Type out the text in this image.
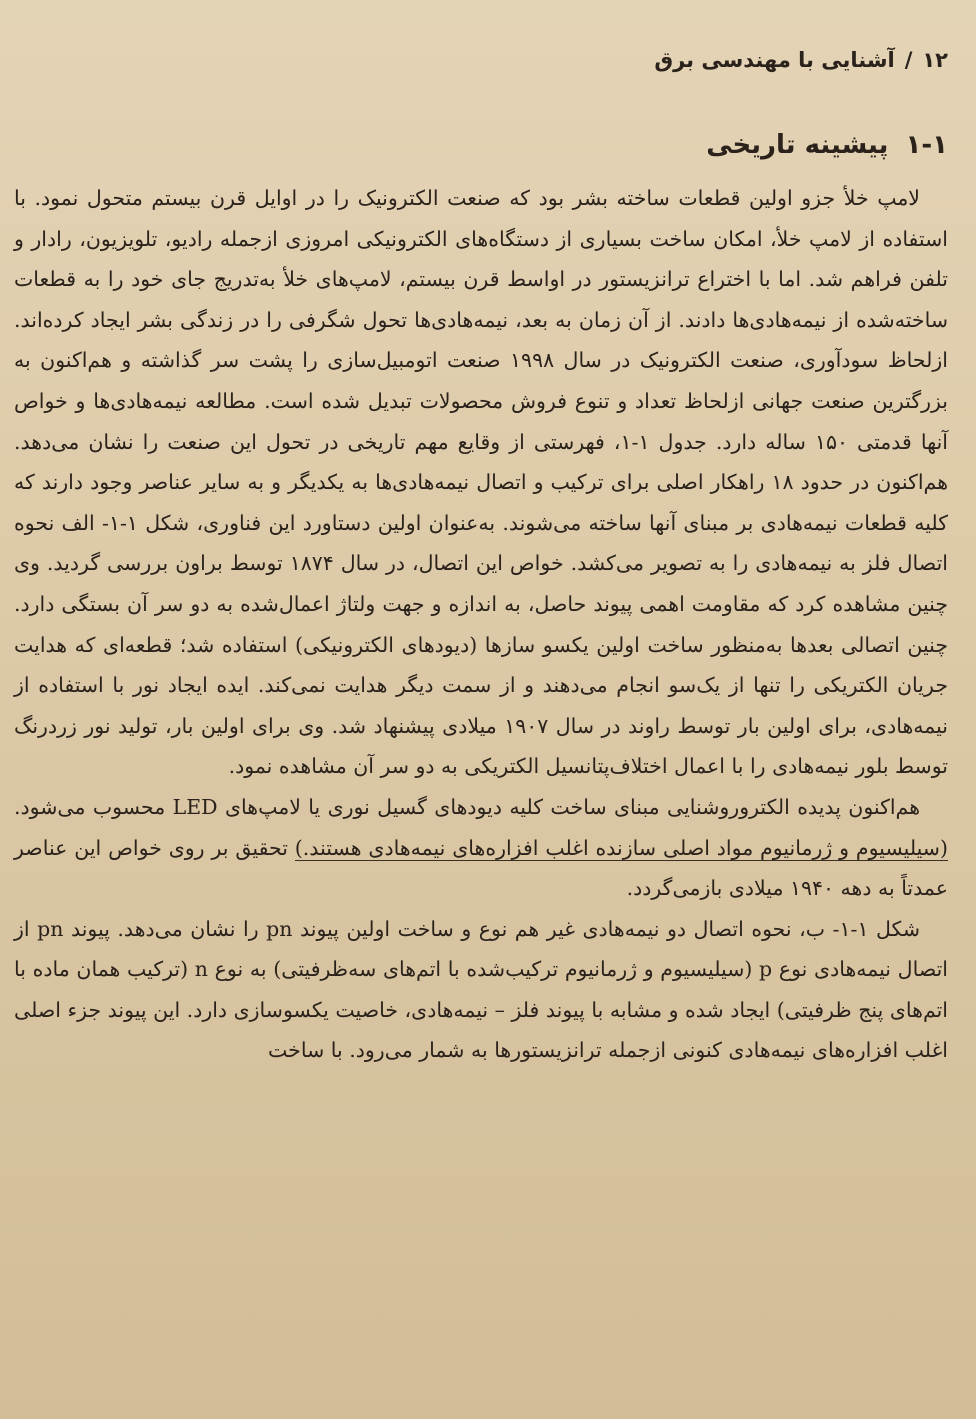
۱۲
/
آشنایی با مهندسی برق
۱-۱ پیشینه تاریخی

لامپ خلأ جزو اولین قطعات ساخته بشر بود که صنعت الکترونیک را در اوایل قرن بیستم متحول نمود. با استفاده از لامپ خلأ، امکان ساخت بسیاری از دستگاه‌های الکترونیکی امروزی ازجمله رادیو، تلویزیون، رادار و تلفن فراهم شد. اما با اختراع ترانزیستور در اواسط قرن بیستم، لامپ‌های خلأ به‌تدریج جای خود را به قطعات ساخته‌شده از نیمه‌هادی‌ها دادند. از آن زمان به بعد، نیمه‌هادی‌ها تحول شگرفی را در زندگی بشر ایجاد کرده‌اند. ازلحاظ سودآوری، صنعت الکترونیک در سال ۱۹۹۸ صنعت اتومبیل‌سازی را پشت سر گذاشته و هم‌اکنون به بزرگترین صنعت جهانی ازلحاظ تعداد و تنوع فروش محصولات تبدیل شده است. مطالعه نیمه‌هادی‌ها و خواص آنها قدمتی ۱۵۰ ساله دارد. جدول ۱-۱، فهرستی از وقایع مهم تاریخی در تحول این صنعت را نشان می‌دهد. هم‌اکنون در حدود ۱۸ راهکار اصلی برای ترکیب و اتصال نیمه‌هادی‌ها به یکدیگر و به سایر عناصر وجود دارند که کلیه قطعات نیمه‌هادی بر مبنای آنها ساخته می‌شوند. به‌عنوان اولین دستاورد این فناوری، شکل ۱-۱- الف نحوه اتصال فلز به نیمه‌هادی را به تصویر می‌کشد. خواص این اتصال، در سال ۱۸۷۴ توسط براون بررسی گردید. وی چنین مشاهده کرد که مقاومت اهمی پیوند حاصل، به اندازه و جهت ولتاژ اعمال‌شده به دو سر آن بستگی دارد. چنین اتصالی بعدها به‌منظور ساخت اولین یکسو سازها (دیودهای الکترونیکی) استفاده شد؛ قطعه‌ای که هدایت جریان الکتریکی را تنها از یک‌سو انجام می‌دهند و از سمت دیگر هدایت نمی‌کند. ایده ایجاد نور با استفاده از نیمه‌هادی، برای اولین بار توسط راوند در سال ۱۹۰۷ میلادی پیشنهاد شد. وی برای اولین بار، تولید نور زردرنگ توسط بلور نیمه‌هادی را با اعمال اختلاف‌پتانسیل الکتریکی به دو سر آن مشاهده نمود.

هم‌اکنون پدیده الکتروروشنایی مبنای ساخت کلیه دیودهای گسیل نوری یا لامپ‌های LED محسوب می‌شود. (سیلیسیوم و ژرمانیوم مواد اصلی سازنده اغلب افزاره‌های نیمه‌هادی هستند.) تحقیق بر روی خواص این عناصر عمدتاً به دهه ۱۹۴۰ میلادی بازمی‌گردد.

شکل ۱-۱- ب، نحوه اتصال دو نیمه‌هادی غیر هم نوع و ساخت اولین پیوند pn را نشان می‌دهد. پیوند pn از اتصال نیمه‌هادی نوع p (سیلیسیوم و ژرمانیوم ترکیب‌شده با اتم‌های سه‌ظرفیتی) به نوع n (ترکیب همان ماده با اتم‌های پنج ظرفیتی) ایجاد شده و مشابه با پیوند فلز – نیمه‌هادی، خاصیت یکسوسازی دارد. این پیوند جزء اصلی اغلب افزاره‌های نیمه‌هادی کنونی ازجمله ترانزیستورها به شمار می‌رود. با ساخت
